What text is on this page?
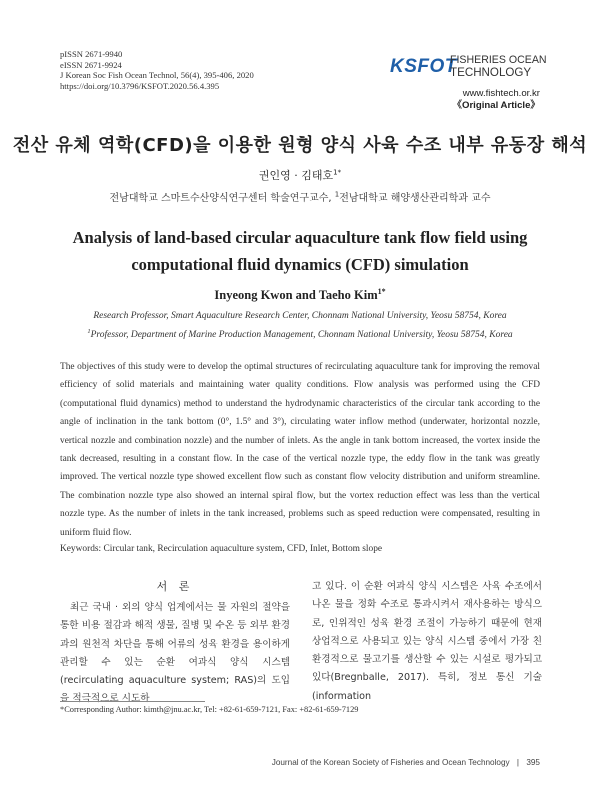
pISSN 2671-9940
eISSN 2671-9924
J Korean Soc Fish Ocean Technol, 56(4), 395-406, 2020
https://doi.org/10.3796/KSFOT.2020.56.4.395
KSFOT
FISHERIES OCEAN
TECHNOLOGY
www.fishtech.or.kr
《Original Article》
전산 유체 역학(CFD)을 이용한 원형 양식 사육 수조 내부 유동장 해석
권인영 · 김태호$^{1*}$
전남대학교 스마트수산양식연구센터 학술연구교수, $^1$전남대학교 해양생산관리학과 교수
Analysis of land-based circular aquaculture tank flow field using computational fluid dynamics (CFD) simulation
Inyeong Kwon and Taeho Kim$^{1*}$
Research Professor, Smart Aquaculture Research Center, Chonnam National University, Yeosu 58754, Korea
$^1$Professor, Department of Marine Production Management, Chonnam National University, Yeosu 58754, Korea
The objectives of this study were to develop the optimal structures of recirculating aquaculture tank for improving the removal efficiency of solid materials and maintaining water quality conditions. Flow analysis was performed using the CFD (computational fluid dynamics) method to understand the hydrodynamic characteristics of the circular tank according to the angle of inclination in the tank bottom (0°, 1.5° and 3°), circulating water inflow method (underwater, horizontal nozzle, vertical nozzle and combination nozzle) and the number of inlets. As the angle in tank bottom increased, the vortex inside the tank decreased, resulting in a constant flow. In the case of the vertical nozzle type, the eddy flow in the tank was greatly improved. The vertical nozzle type showed excellent flow such as constant flow velocity distribution and uniform streamline. The combination nozzle type also showed an internal spiral flow, but the vortex reduction effect was less than the vertical nozzle type. As the number of inlets in the tank increased, problems such as speed reduction were compensated, resulting in uniform fluid flow.
Keywords: Circular tank, Recirculation aquaculture system, CFD, Inlet, Bottom slope
서 론
최근 국내 · 외의 양식 업계에서는 물 자원의 절약을 통한 비용 절감과 해적 생물, 질병 및 수온 등 외부 환경과의 원천적 차단을 통해 어류의 성육 환경을 용이하게 관리할 수 있는 순환 여과식 양식 시스템(recirculating aquaculture system; RAS)의 도입을 적극적으로 시도하
고 있다. 이 순환 여과식 양식 시스템은 사육 수조에서 나온 물을 정화 수조로 통과시켜서 재사용하는 방식으로, 인위적인 성육 환경 조절이 가능하기 때문에 현재 상업적으로 사용되고 있는 양식 시스템 중에서 가장 친환경적으로 물고기를 생산할 수 있는 시설로 평가되고 있다(Bregnballe, 2017). 특히, 정보 통신 기술(information
*Corresponding Author: kimth@jnu.ac.kr, Tel: +82-61-659-7121, Fax: +82-61-659-7129
Journal of the Korean Society of Fisheries and Ocean Technology | 395
